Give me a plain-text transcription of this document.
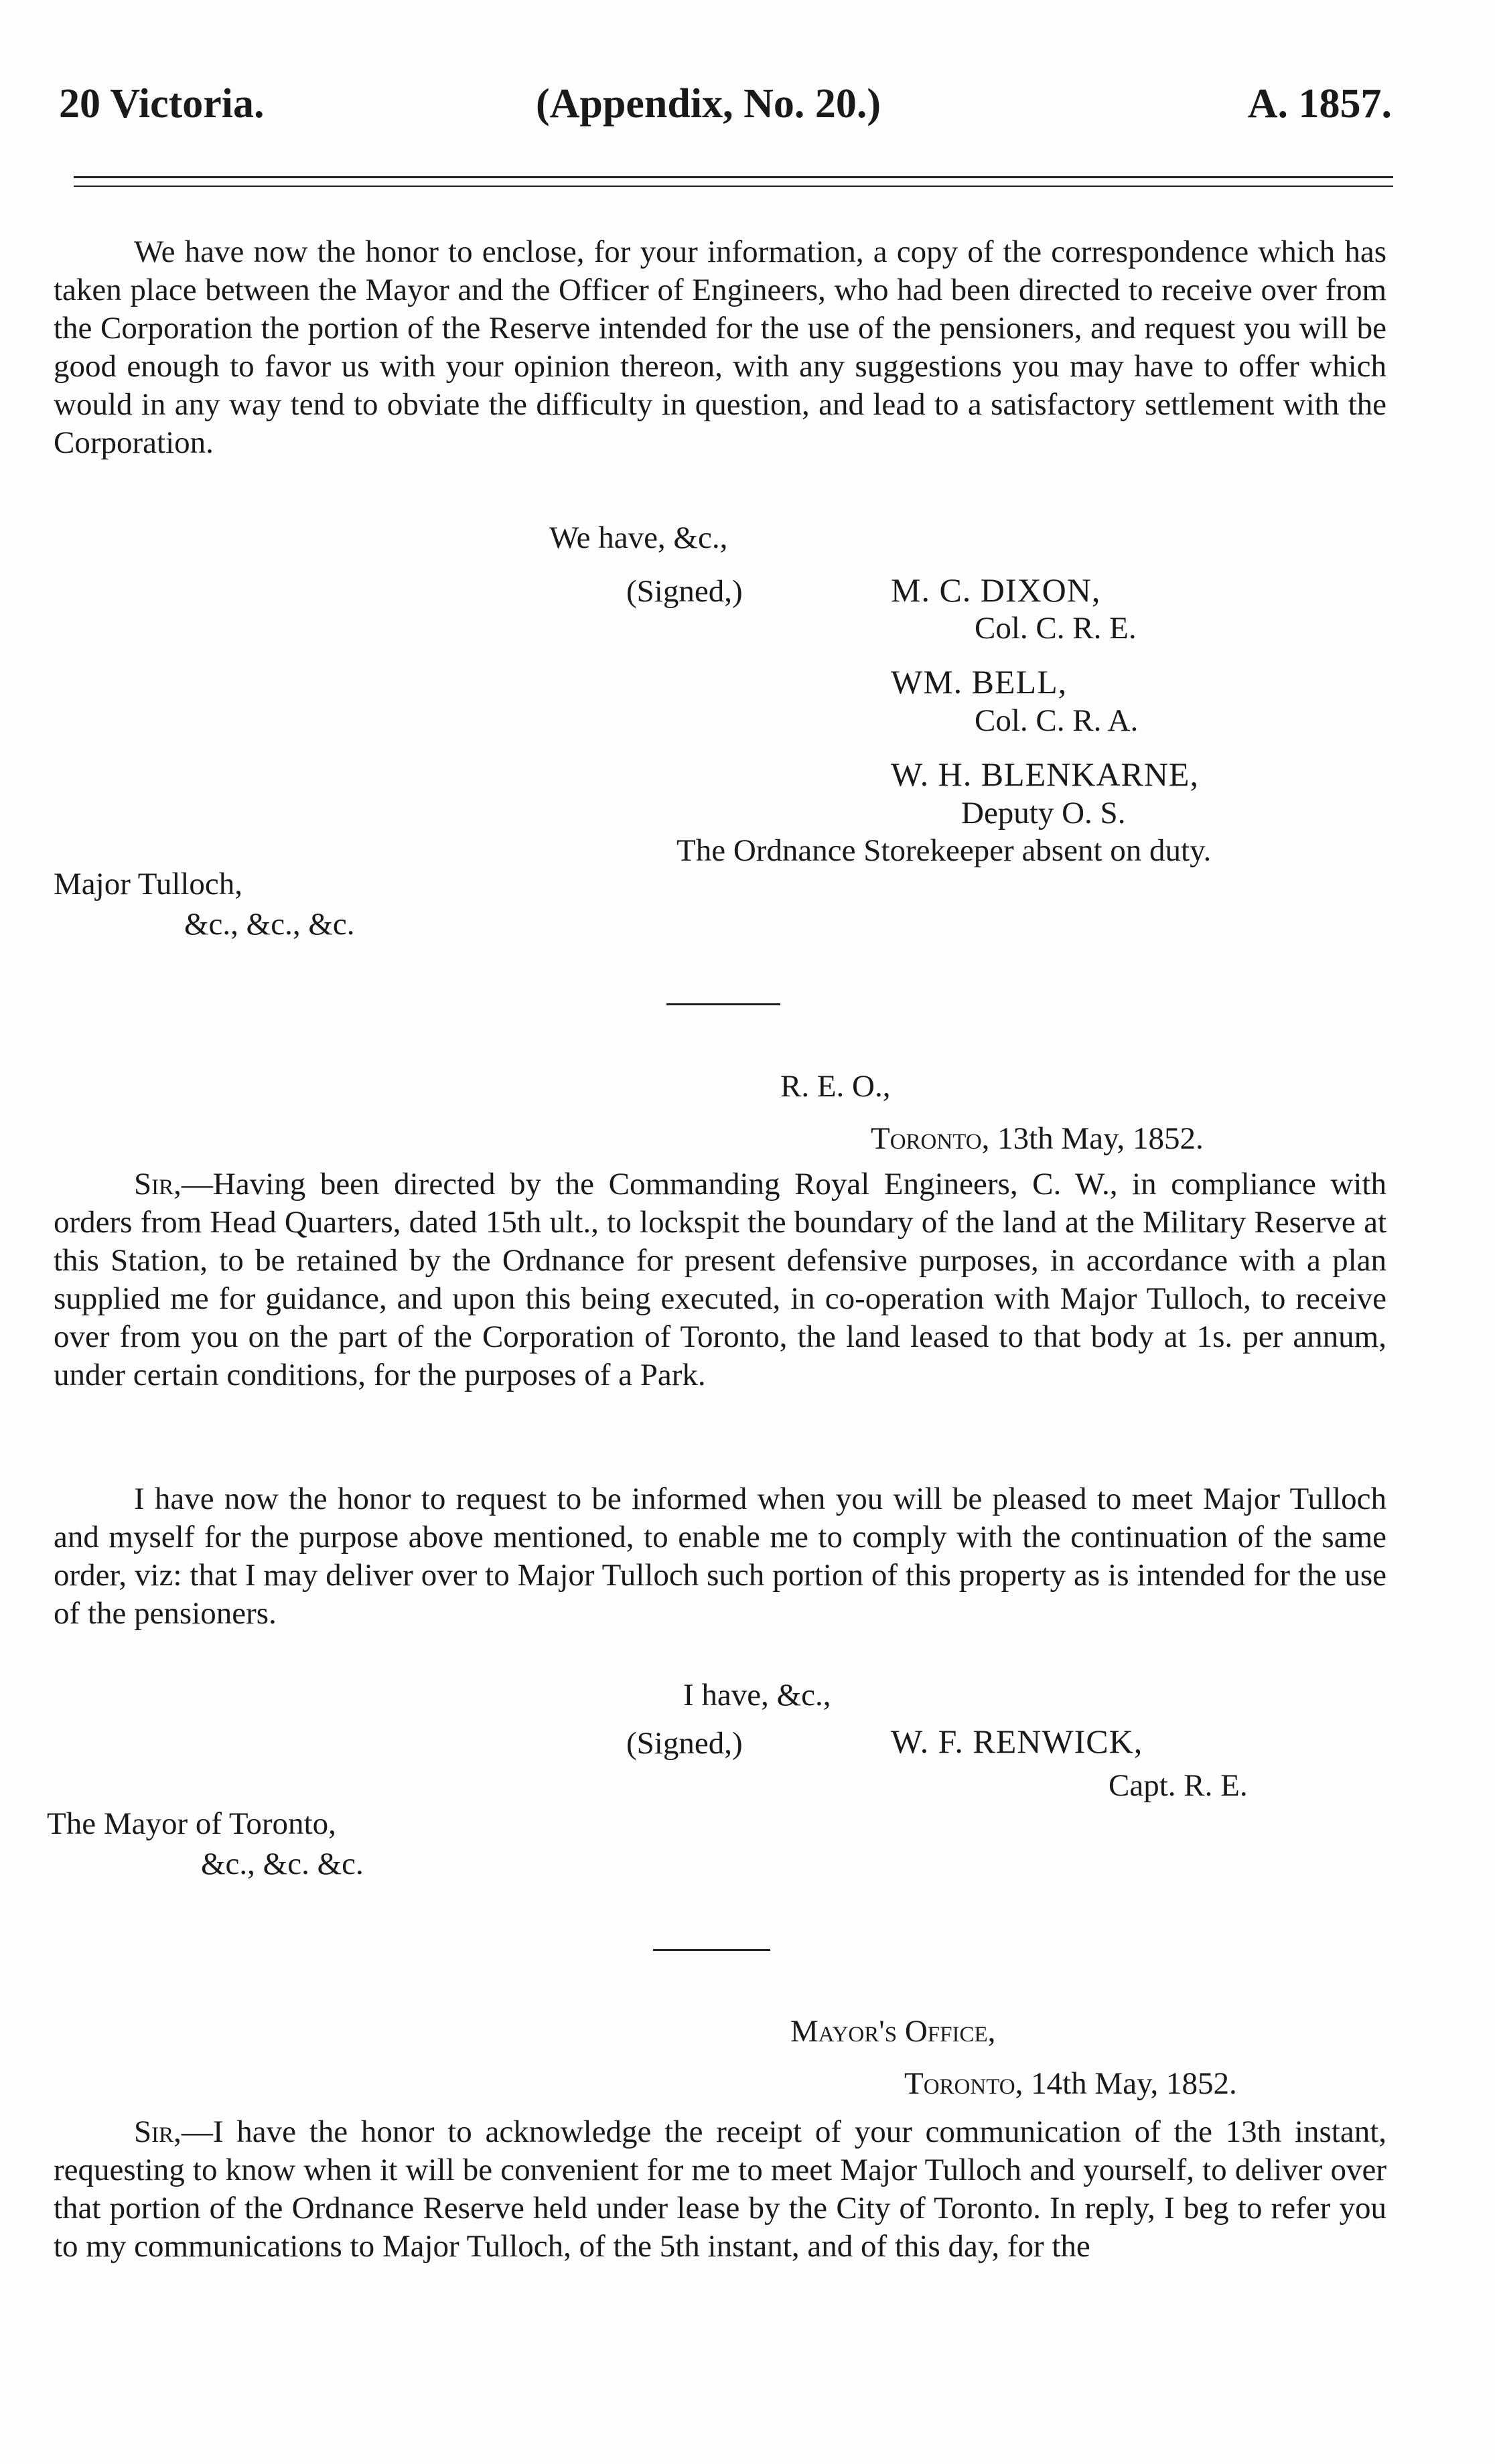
20 Victoria.	(Appendix, No. 20.)	A. 1857.

We have now the honor to enclose, for your information, a copy of the correspondence which has taken place between the Mayor and the Officer of Engineers, who had been directed to receive over from the Corporation the portion of the Reserve intended for the use of the pensioners, and request you will be good enough to favor us with your opinion thereon, with any suggestions you may have to offer which would in any way tend to obviate the difficulty in question, and lead to a satisfactory settlement with the Corporation.

We have, &c.,
(Signed,)	M. C. DIXON,
Col. C. R. E.
WM. BELL,
Col. C. R. A.
W. H. BLENKARNE,
Deputy O. S.
The Ordnance Storekeeper absent on duty.
Major Tulloch,
&c., &c., &c.
R. E. O.,
Toronto, 13th May, 1852.

Sir,—Having been directed by the Commanding Royal Engineers, C. W., in compliance with orders from Head Quarters, dated 15th ult., to lockspit the boundary of the land at the Military Reserve at this Station, to be retained by the Ordnance for present defensive purposes, in accordance with a plan supplied me for guidance, and upon this being executed, in co-operation with Major Tulloch, to receive over from you on the part of the Corporation of Toronto, the land leased to that body at 1s. per annum, under certain conditions, for the purposes of a Park.

I have now the honor to request to be informed when you will be pleased to meet Major Tulloch and myself for the purpose above mentioned, to enable me to comply with the continuation of the same order, viz: that I may deliver over to Major Tulloch such portion of this property as is intended for the use of the pensioners.

I have, &c.,
(Signed,)	W. F. RENWICK,
Capt. R. E.
The Mayor of Toronto,
&c., &c. &c.
Mayor's Office,
Toronto, 14th May, 1852.

Sir,—I have the honor to acknowledge the receipt of your communication of the 13th instant, requesting to know when it will be convenient for me to meet Major Tulloch and yourself, to deliver over that portion of the Ordnance Reserve held under lease by the City of Toronto. In reply, I beg to refer you to my communications to Major Tulloch, of the 5th instant, and of this day, for the
